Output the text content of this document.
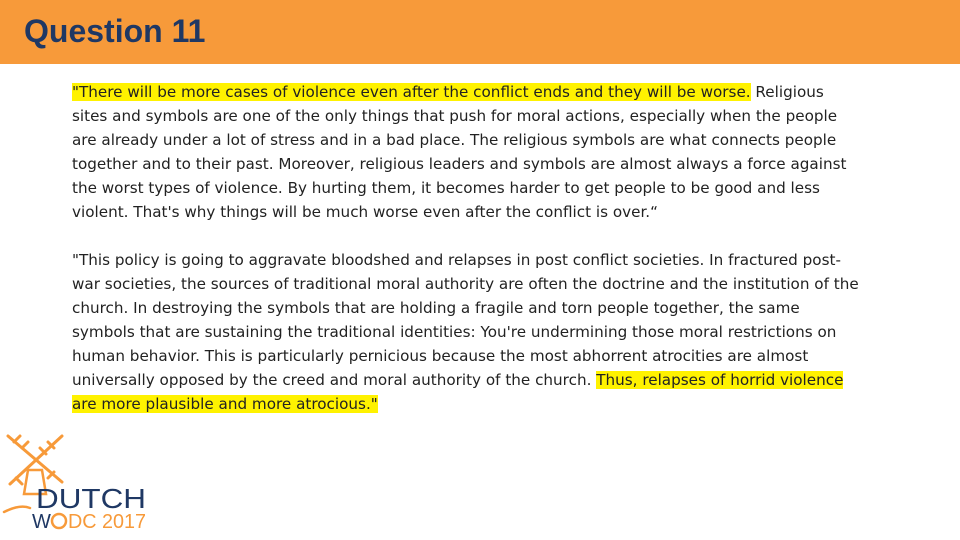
Question 11

"There will be more cases of violence even after the conflict ends and they will be worse. Religious sites and symbols are one of the only things that push for moral actions, especially when the people are already under a lot of stress and in a bad place. The religious symbols are what connects people together and to their past. Moreover, religious leaders and symbols are almost always a force against the worst types of violence. By hurting them, it becomes harder to get people to be good and less violent. That's why things will be much worse even after the conflict is over.“

"This policy is going to aggravate bloodshed and relapses in post conflict societies. In fractured post-war societies, the sources of traditional moral authority are often the doctrine and the institution of the church. In destroying the symbols that are holding a fragile and torn people together, the same symbols that are sustaining the traditional identities: You're undermining those moral restrictions on human behavior. This is particularly pernicious because the most abhorrent atrocities are almost universally opposed by the creed and moral authority of the church. Thus, relapses of horrid violence are more plausible and more atrocious."

DUTCH
W DC 2017
